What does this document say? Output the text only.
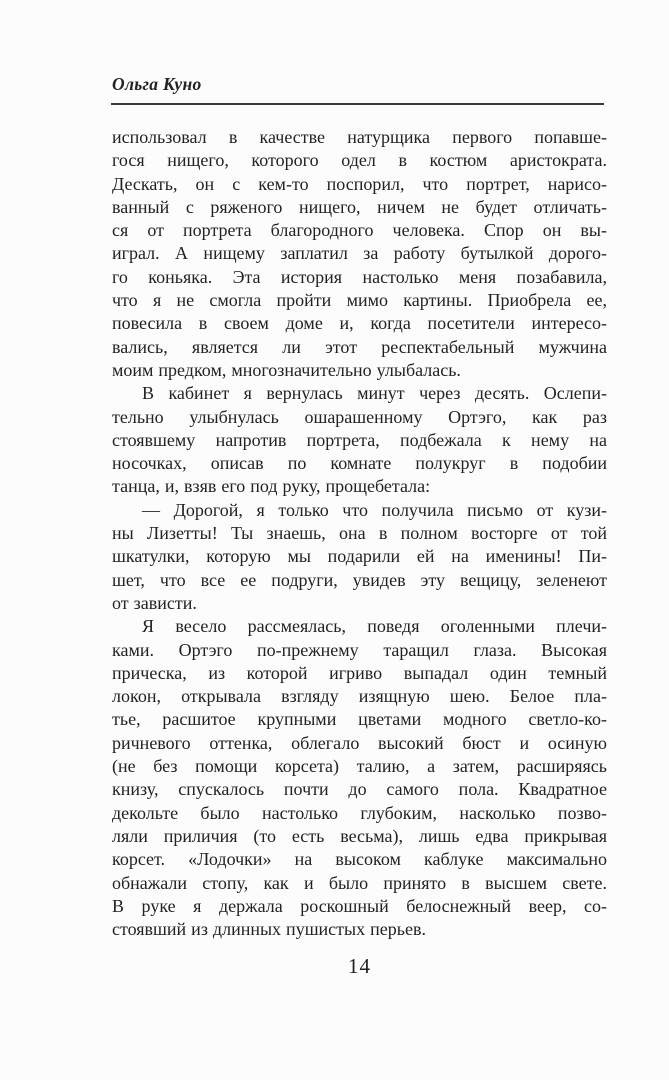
Ольга Куно
использовал в качестве натурщика первого попавше-
гося нищего, которого одел в костюм аристократа.
Дескать, он с кем-то поспорил, что портрет, нарисо-
ванный с ряженого нищего, ничем не будет отличать-
ся от портрета благородного человека. Спор он вы-
играл. А нищему заплатил за работу бутылкой дорого-
го коньяка. Эта история настолько меня позабавила,
что я не смогла пройти мимо картины. Приобрела ее,
повесила в своем доме и, когда посетители интересо-
вались, является ли этот респектабельный мужчина
моим предком, многозначительно улыбалась.
В кабинет я вернулась минут через десять. Ослепи-
тельно улыбнулась ошарашенному Ортэго, как раз
стоявшему напротив портрета, подбежала к нему на
носочках, описав по комнате полукруг в подобии
танца, и, взяв его под руку, прощебетала:
— Дорогой, я только что получила письмо от кузи-
ны Лизетты! Ты знаешь, она в полном восторге от той
шкатулки, которую мы подарили ей на именины! Пи-
шет, что все ее подруги, увидев эту вещицу, зеленеют
от зависти.
Я весело рассмеялась, поведя оголенными плечи-
ками. Ортэго по-прежнему таращил глаза. Высокая
прическа, из которой игриво выпадал один темный
локон, открывала взгляду изящную шею. Белое пла-
тье, расшитое крупными цветами модного светло-ко-
ричневого оттенка, облегало высокий бюст и осиную
(не без помощи корсета) талию, а затем, расширяясь
книзу, спускалось почти до самого пола. Квадратное
декольте было настолько глубоким, насколько позво-
ляли приличия (то есть весьма), лишь едва прикрывая
корсет. «Лодочки» на высоком каблуке максимально
обнажали стопу, как и было принято в высшем свете.
В руке я держала роскошный белоснежный веер, со-
стоявший из длинных пушистых перьев.
14
